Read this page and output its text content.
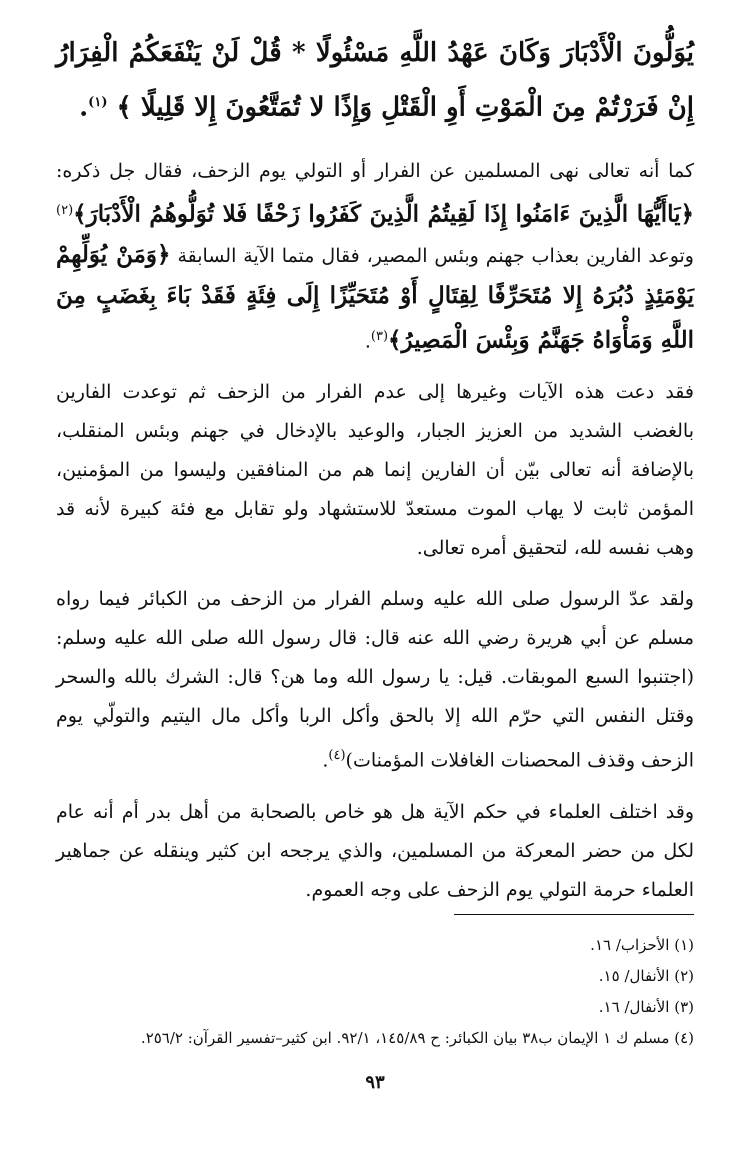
يُوَلُّونَ الْأَدْبَارَ وَكَانَ عَهْدُ اللَّهِ مَسْئُولًا * قُلْ لَنْ يَنْفَعَكُمُ الْفِرَارُ إِنْ فَرَرْتُمْ مِنَ الْمَوْتِ أَوِ الْقَتْلِ وَإِذًا لا تُمَتَّعُونَ إِلا قَلِيلًا ﴾ $^{(١)}$.

كما أنه تعالى نهى المسلمين عن الفرار أو التولي يوم الزحف، فقال جل ذكره: ﴿يَاأَيُّهَا الَّذِينَ ءَامَنُوا إِذَا لَقِيتُمُ الَّذِينَ كَفَرُوا زَحْفًا فَلا تُوَلُّوهُمُ الْأَدْبَارَ﴾$^{(٢)}$ وتوعد الفارين بعذاب جهنم وبئس المصير، فقال متما الآية السابقة ﴿وَمَنْ يُوَلِّهِمْ يَوْمَئِذٍ دُبُرَهُ إِلا مُتَحَرِّفًا لِقِتَالٍ أَوْ مُتَحَيِّزًا إِلَى فِئَةٍ فَقَدْ بَاءَ بِغَضَبٍ مِنَ اللَّهِ وَمَأْوَاهُ جَهَنَّمُ وَبِئْسَ الْمَصِيرُ﴾$^{(٣)}$.

فقد دعت هذه الآيات وغيرها إلى عدم الفرار من الزحف ثم توعدت الفارين بالغضب الشديد من العزيز الجبار، والوعيد بالإدخال في جهنم وبئس المنقلب، بالإضافة أنه تعالى بيّن أن الفارين إنما هم من المنافقين وليسوا من المؤمنين، المؤمن ثابت لا يهاب الموت مستعدّ للاستشهاد ولو تقابل مع فئة كبيرة لأنه قد وهب نفسه لله، لتحقيق أمره تعالى.

ولقد عدّ الرسول صلى الله عليه وسلم الفرار من الزحف من الكبائر فيما رواه مسلم عن أبي هريرة رضي الله عنه قال: قال رسول الله صلى الله عليه وسلم: (اجتنبوا السبع الموبقات. قيل: يا رسول الله وما هن؟ قال: الشرك بالله والسحر وقتل النفس التي حرّم الله إلا بالحق وأكل الربا وأكل مال اليتيم والتولّي يوم الزحف وقذف المحصنات الغافلات المؤمنات)$^{(٤)}$.

وقد اختلف العلماء في حكم الآية هل هو خاص بالصحابة من أهل بدر أم أنه عام لكل من حضر المعركة من المسلمين، والذي يرجحه ابن كثير وينقله عن جماهير العلماء حرمة التولي يوم الزحف على وجه العموم.

(١) الأحزاب/ ١٦.
(٢) الأنفال/ ١٥.
(٣) الأنفال/ ١٦.
(٤) مسلم ك ١ الإيمان ب٣٨ بيان الكبائر: ح ١٤٥/٨٩، ٩٢/١. ابن كثير–تفسير القرآن: ٢٥٦/٢.
٩٣
